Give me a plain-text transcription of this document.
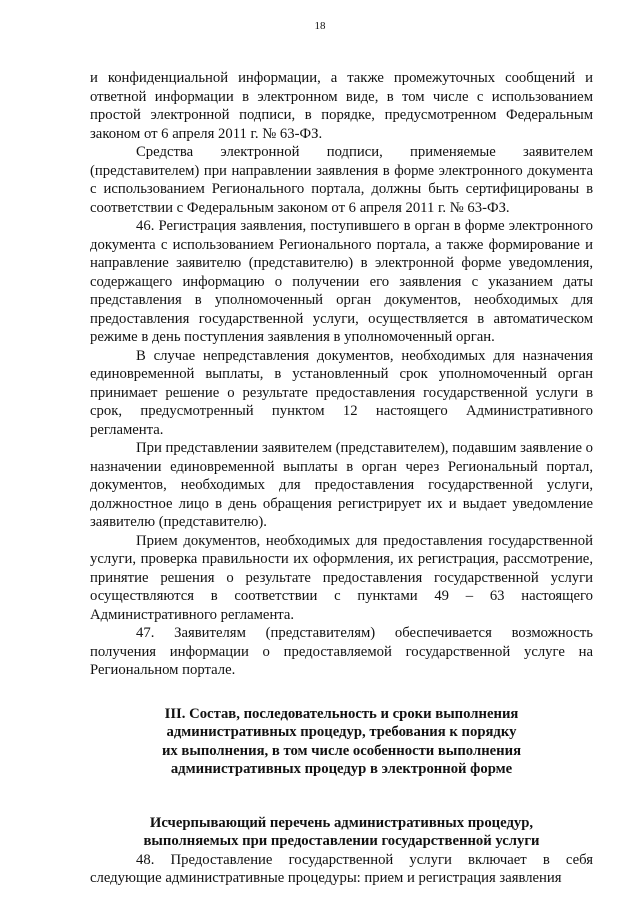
18

и конфиденциальной информации, а также промежуточных сообщений и ответной информации в электронном виде, в том числе с использованием простой электронной подписи, в порядке, предусмотренном Федеральным законом от 6 апреля 2011 г. № 63-ФЗ.

Средства электронной подписи, применяемые заявителем (представителем) при направлении заявления в форме электронного документа с использованием Регионального портала, должны быть сертифицированы в соответствии с Федеральным законом от 6 апреля 2011 г. № 63-ФЗ.

46. Регистрация заявления, поступившего в орган в форме электронного документа с использованием Регионального портала, а также формирование и направление заявителю (представителю) в электронной форме уведомления, содержащего информацию о получении его заявления с указанием даты представления в уполномоченный орган документов, необходимых для предоставления государственной услуги, осуществляется в автоматическом режиме в день поступления заявления в уполномоченный орган.

В случае непредставления документов, необходимых для назначения единовременной выплаты, в установленный срок уполномоченный орган принимает решение о результате предоставления государственной услуги в срок, предусмотренный пунктом 12 настоящего Административного регламента.

При представлении заявителем (представителем), подавшим заявление о назначении единовременной выплаты в орган через Региональный портал, документов, необходимых для предоставления государственной услуги, должностное лицо в день обращения регистрирует их и выдает уведомление заявителю (представителю).

Прием документов, необходимых для предоставления государственной услуги, проверка правильности их оформления, их регистрация, рассмотрение, принятие решения о результате предоставления государственной услуги осуществляются в соответствии с пунктами 49 – 63 настоящего Административного регламента.

47. Заявителям (представителям) обеспечивается возможность получения информации о предоставляемой государственной услуге на Региональном портале.

III. Состав, последовательность и сроки выполнения

административных процедур, требования к порядку

их выполнения, в том числе особенности выполнения

административных процедур в электронной форме

Исчерпывающий перечень административных процедур,

выполняемых при предоставлении государственной услуги

48. Предоставление государственной услуги включает в себя следующие административные процедуры: прием и регистрация заявления
